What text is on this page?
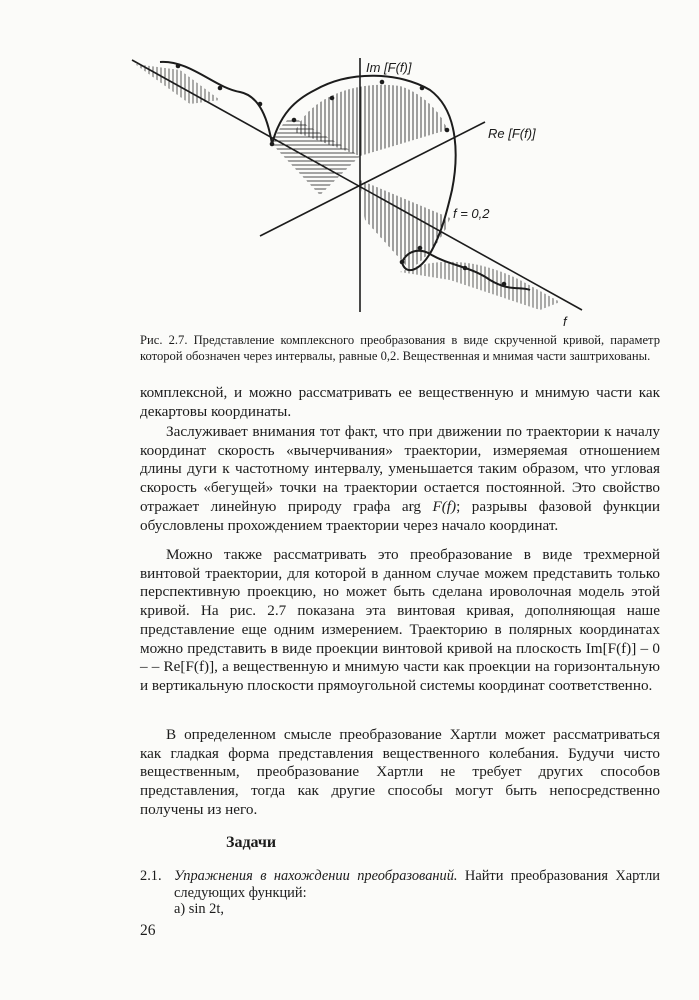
Im [F(f)]
Re [F(f)]
f = 0,2
f

Рис. 2.7. Представление комплексного преобразования в виде скрученной кривой, параметр которой обозначен через интервалы, равные 0,2. Вещественная и мнимая части заштрихованы.

комплексной, и можно рассматривать ее вещественную и мнимую части как декартовы координаты.

Заслуживает внимания тот факт, что при движении по траектории к началу координат скорость «вычерчивания» траектории, измеряемая отношением длины дуги к частотному интервалу, уменьшается таким образом, что угловая скорость «бегущей» точки на траектории остается постоянной. Это свойство отражает линейную природу графа arg F(f); разрывы фазовой функции обусловлены прохождением траектории через начало координат.

Можно также рассматривать это преобразование в виде трехмерной винтовой траектории, для которой в данном случае можем представить только перспективную проекцию, но может быть сделана ироволочная модель этой кривой. На рис. 2.7 показана эта винтовая кривая, дополняющая наше представление еще одним измерением. Траекторию в полярных координатах можно представить в виде проекции винтовой кривой на плоскость Im[F(f)] – 0 – – Re[F(f)], а вещественную и мнимую части как проекции на горизонтальную и вертикальную плоскости прямоугольной системы координат соответственно.

В определенном смысле преобразование Хартли может рассматриваться как гладкая форма представления вещественного колебания. Будучи чисто вещественным, преобразование Хартли не требует других способов представления, тогда как другие способы могут быть непосредственно получены из него.

Задачи
2.1. Упражнения в нахождении преобразований. Найти преобразования Хартли следующих функций:

a) sin 2t,

26
